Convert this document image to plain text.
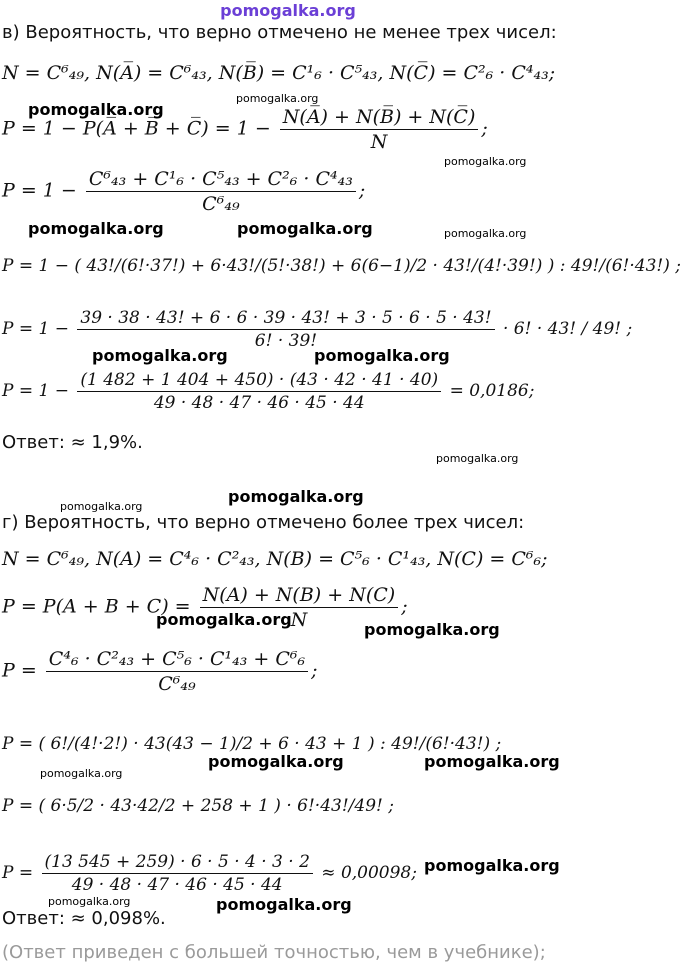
pomogalka.org
в) Вероятность, что верно отмечено не менее трех чисел:
N = C⁶₄₉, N(A̅) = C⁶₄₃, N(B̅) = C¹₆ · C⁵₄₃, N(C̅) = C²₆ · C⁴₄₃;
P = 1 − P(A̅ + B̅ + C̅) = $1 - \frac{N(A̅) + N(B̅) + N(C̅)}{N}$ ;
$P = 1 - \frac{\text{C⁶₄₃ + C¹₆ · C⁵₄₃ + C²₆ · C⁴₄₃}}{\text{C⁶₄₉}}$ ;
P = 1 − ( 43!/(6!·37!) + 6·43!/(5!·38!) + 6(6−1)/2 · 43!/(4!·39!) ) : 49!/(6!·43!) ;
$P = 1 - \frac{39 \cdot 38 \cdot 43! + 6 \cdot 6 \cdot 39 \cdot 43! + 3 \cdot 5 \cdot 6 \cdot 5 \cdot 43!}{6! \cdot 39!} \cdot 6$! · 43! / 49! ;
$P = 1 - \frac{(1 482 + 1 404 + 450) \cdot (43 \cdot 42 \cdot 41 \cdot 40)}{49 \cdot 48 \cdot 47 \cdot 46 \cdot 45 \cdot 44} = 0,0186$;
Ответ: ≈ 1,9%.
г) Вероятность, что верно отмечено более трех чисел:
N = C⁶₄₉, N(A) = C⁴₆ · C²₄₃, N(B) = C⁵₆ · C¹₄₃, N(C) = C⁶₆;
$P = P(A + B + C) = \frac{N(A) + N(B) + N(C)}{N}$ ;
$P = \frac{\text{C⁴₆ · C²₄₃ + C⁵₆ · C¹₄₃ + C⁶₆}}{\text{C⁶₄₉}}$ ;
P = ( 6!/(4!·2!) · 43(43 − 1)/2 + 6 · 43 + 1 ) : 49!/(6!·43!) ;
P = ( 6·5/2 · 43·42/2 + 258 + 1 ) · 6!·43!/49! ;
$P = \frac{(13 545 + 259) \cdot 6 \cdot 5 \cdot 4 \cdot 3 \cdot 2}{49 \cdot 48 \cdot 47 \cdot 46 \cdot 45 \cdot 44} \approx 0,00098$;
Ответ: ≈ 0,098%.
(Ответ приведен с большей точностью, чем в учебнике);
pomogalka.org
pomogalka.org
pomogalka.org
pomogalka.org	pomogalka.org	pomogalka.org
pomogalka.org	pomogalka.org
pomogalka.org
pomogalka.org
pomogalka.org
pomogalka.org
pomogalka.org
pomogalka.org
pomogalka.org	pomogalka.org
pomogalka.org
pomogalka.org
pomogalka.org
